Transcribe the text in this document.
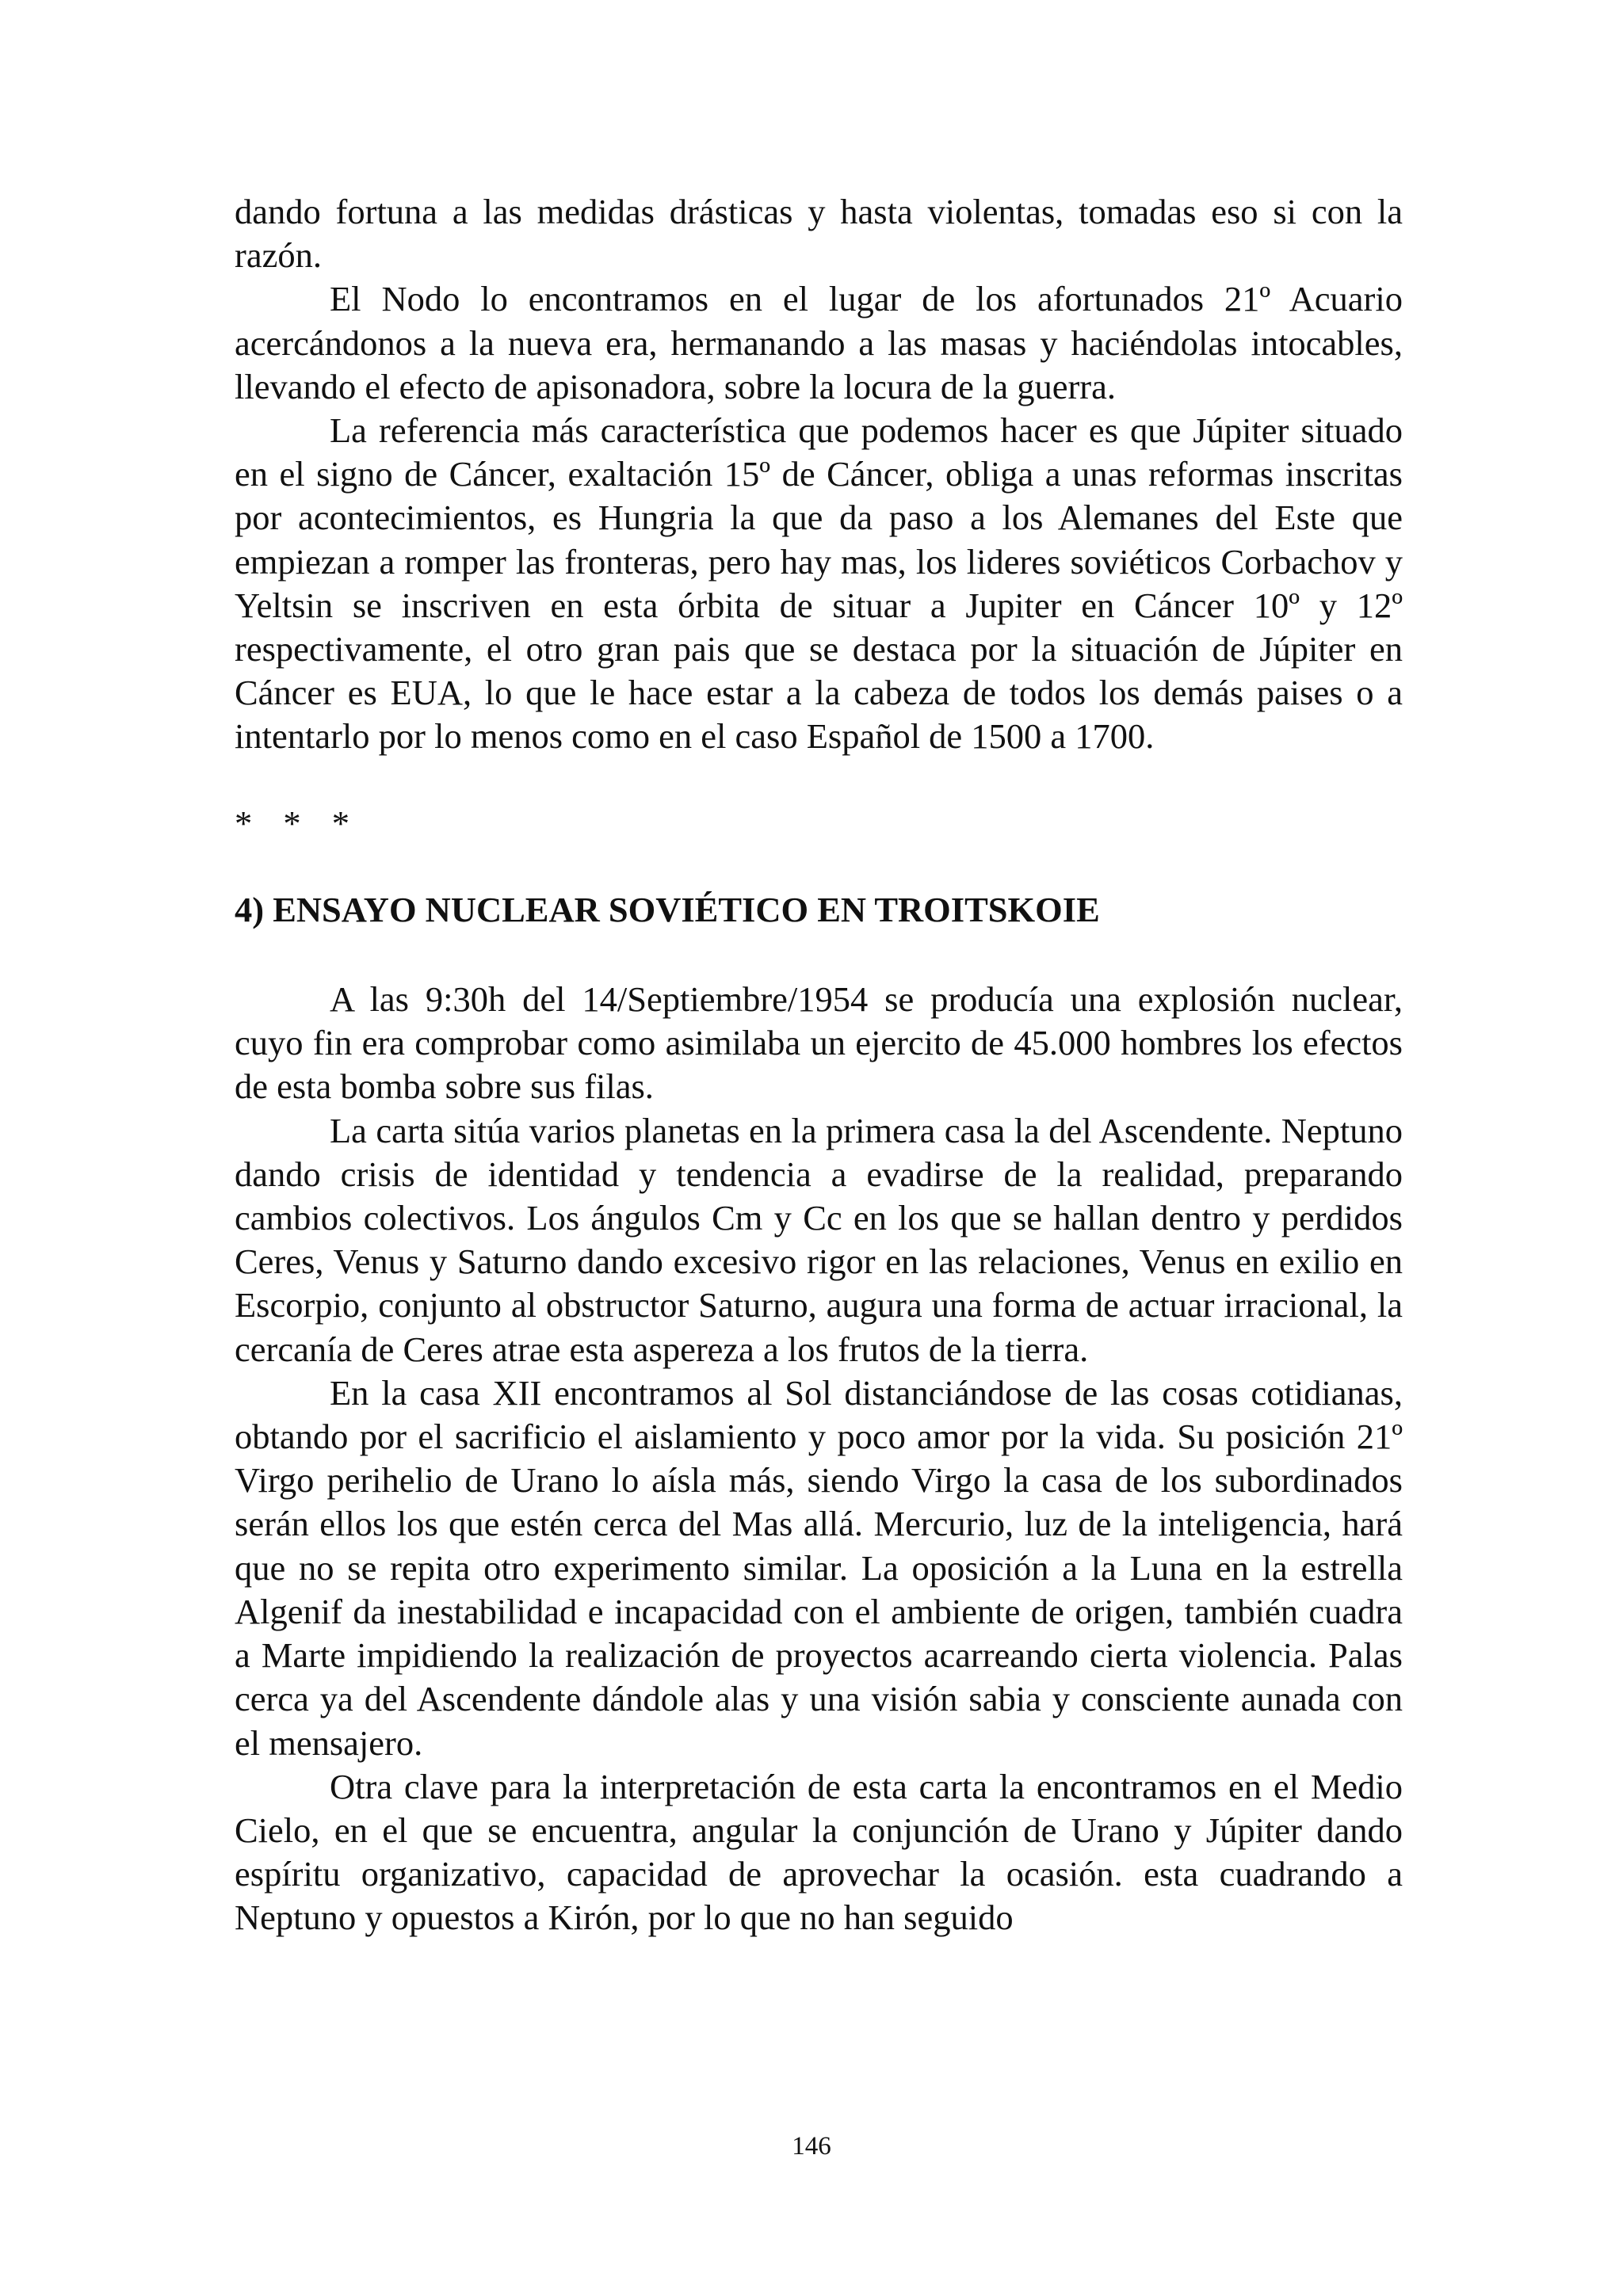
dando fortuna a las medidas drásticas y hasta violentas, tomadas eso si con la razón.

El Nodo lo encontramos en el lugar de los afortunados 21º Acuario acercándonos a la nueva era, hermanando a las masas y haciéndolas intocables, llevando el efecto de apisonadora, sobre la locura de la guerra.

La referencia más característica que podemos hacer es que Júpiter situado en el signo de Cáncer, exaltación 15º de Cáncer, obliga a unas reformas inscritas por acontecimientos, es Hungria la que da paso a los Alemanes del Este que empiezan a romper las fronteras, pero hay mas, los lideres soviéticos Corbachov y Yeltsin se inscriven en esta órbita de situar a Jupiter en Cáncer 10º y 12º respectivamente, el otro gran pais que se destaca por la situación de Júpiter en Cáncer es EUA, lo que le hace estar a la cabeza de todos los demás paises o a intentarlo por lo menos como en el caso Español de 1500 a 1700.

* * *

4) ENSAYO NUCLEAR SOVIÉTICO EN TROITSKOIE

A las 9:30h del 14/Septiembre/1954 se producía una explosión nuclear, cuyo fin era comprobar como asimilaba un ejercito de 45.000 hombres los efectos de esta bomba sobre sus filas.

La carta sitúa varios planetas en la primera casa la del Ascendente. Neptuno dando crisis de identidad y tendencia a evadirse de la realidad, preparando cambios colectivos. Los ángulos Cm y Cc en los que se hallan dentro y perdidos Ceres, Venus y Saturno dando excesivo rigor en las relaciones, Venus en exilio en Escorpio, conjunto al obstructor Saturno, augura una forma de actuar irracional, la cercanía de Ceres atrae esta aspereza a los frutos de la tierra.

En la casa XII encontramos al Sol distanciándose de las cosas cotidianas, obtando por el sacrificio el aislamiento y poco amor por la vida. Su posición 21º Virgo perihelio de Urano lo aísla más, siendo Virgo la casa de los subordinados serán ellos los que estén cerca del Mas allá. Mercurio, luz de la inteligencia, hará que no se repita otro experimento similar. La oposición a la Luna en la estrella Algenif da inestabilidad e incapacidad con el ambiente de origen, también cuadra a Marte impidiendo la realización de proyectos acarreando cierta violencia. Palas cerca ya del Ascendente dándole alas y una visión sabia y consciente aunada con el mensajero.

Otra clave para la interpretación de esta carta la encontramos en el Medio Cielo, en el que se encuentra, angular la conjunción de Urano y Júpiter dando espíritu organizativo, capacidad de aprovechar la ocasión. esta cuadrando a Neptuno y opuestos a Kirón, por lo que no han seguido

146
